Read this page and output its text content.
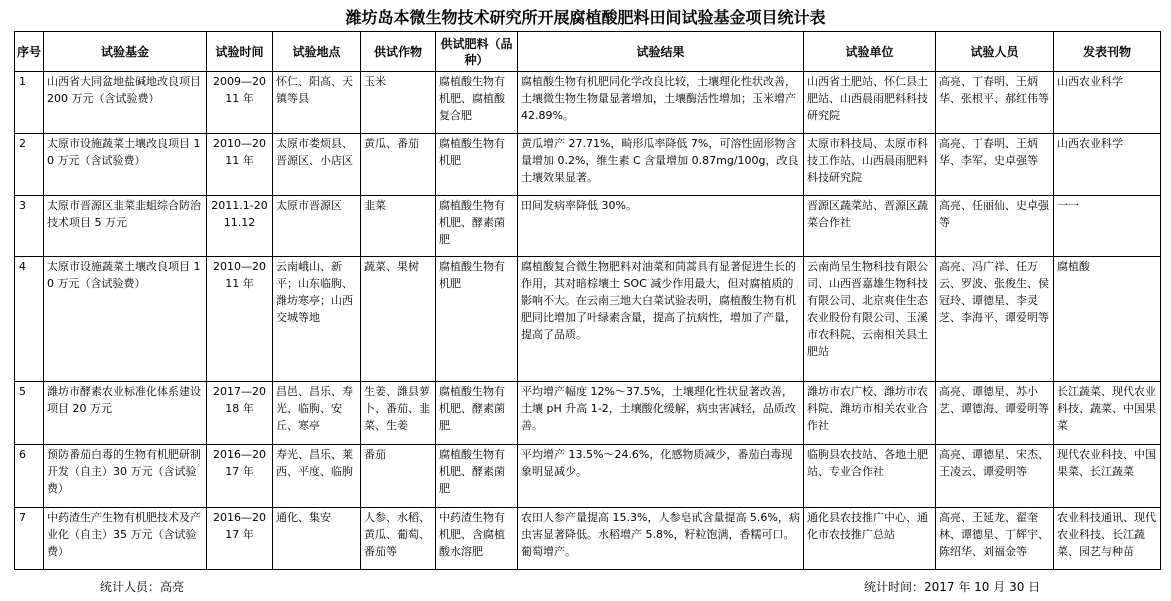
潍坊岛本微生物技术研究所开展腐植酸肥料田间试验基金项目统计表
序号	试验基金	试验时间	试验地点	供试作物	供试肥料（品种）	试验结果	试验单位	试验人员	发表刊物
1	山西省大同盆地盐碱地改良项目 200 万元（含试验费）	2009—2011 年	怀仁、阳高、天镇等县	玉米	腐植酸生物有机肥、腐植酸复合肥	腐植酸生物有机肥同化学改良比较，土壤理化性状改善，土壤微生物生物量显著增加，土壤酶活性增加；玉米增产 42.89%。	山西省土肥站、怀仁县土肥站、山西晨雨肥料科技研究院	高亮、丁春明、王炳华、张根平、郝红伟等	山西农业科学
2	太原市设施蔬菜土壤改良项目 10 万元（含试验费）	2010—2011 年	太原市娄烦县、晋源区、小店区	黄瓜、番茄	腐植酸生物有机肥	黄瓜增产 27.71%，畸形瓜率降低 7%，可溶性固形物含量增加 0.2%，维生素 C 含量增加 0.87mg/100g，改良土壤效果显著。	太原市科技局、太原市科技工作站、山西晨雨肥料科技研究院	高亮、丁春明、王炳华、李军、史卓强等	山西农业科学
3	太原市晋源区韭菜韭蛆综合防治技术项目 5 万元	2011.1-2011.12	太原市晋源区	韭菜	腐植酸生物有机肥、酵素菌肥	田间发病率降低 30%。	晋源区蔬菜站、晋源区蔬菜合作社	高亮、任丽仙、史卓强等	一一
4	太原市设施蔬菜土壤改良项目 10 万元（含试验费）	2010—2011 年	云南峨山、新平；山东临朐、潍坊寒亭；山西交城等地	蔬菜、果树	腐植酸生物有机肥	腐植酸复合微生物肥料对油菜和茼蒿具有显著促进生长的作用，其对暗棕壤土 SOC 减少作用最大，但对腐植质的影响不大。在云南三地大白菜试验表明，腐植酸生物有机肥同比增加了叶绿素含量，提高了抗病性，增加了产量，提高了品质。	云南尚呈生物科技有限公司、山西晋嘉雄生物科技有限公司、北京爽佳生态农业股份有限公司、玉溪市农科院、云南相关县土肥站	高亮、冯广祥、任万云、罗波、张俊生、侯冠玲、谭德星、李灵芝、李海平、谭爱明等	腐植酸
5	潍坊市酵素农业标准化体系建设项目 20 万元	2017—2018 年	昌邑、昌乐、寿光、临朐、安丘、寒亭	生姜、潍县萝卜、番茄、韭菜、生姜	腐植酸生物有机肥、酵素菌肥	平均增产幅度 12%～37.5%，土壤理化性状显著改善，土壤 pH 升高 1-2，土壤酸化缓解，病虫害减轻，品质改善。	潍坊市农广校、潍坊市农科院、潍坊市相关农业合作社	高亮、谭德星、苏小艺、谭德海、谭爱明等	长江蔬菜、现代农业科技、蔬菜、中国果菜
6	预防番茄白毒的生物有机肥研制开发（自主）30 万元（含试验费）	2016—2017 年	寿光、昌乐、莱西、平度、临朐	番茄	腐植酸生物有机肥、酵素菌肥	平均增产 13.5%～24.6%，化感物质减少，番茄白毒现象明显减少。	临朐县农技站、各地土肥站、专业合作社	高亮、谭德星、宋杰、王凌云、谭爱明等	现代农业科技、中国果菜、长江蔬菜
7	中药渣生产生物有机肥技术及产业化（自主）35 万元（含试验费）	2016—2017 年	通化、集安	人参、水稻、黄瓜、葡萄、番茄等	中药渣生物有机肥、含腐植酸水溶肥	农田人参产量提高 15.3%，人参皂甙含量提高 5.6%，病虫害显著降低。水稻增产 5.8%，籽粒饱满，香糯可口。葡萄增产。	通化县农技推广中心、通化市农技推广总站	高亮、王延龙、翟奎林、谭德星、丁辉宇、陈绍华、刘福金等	农业科技通讯、现代农业科技、长江蔬菜、园艺与种苗
统计人员：高亮	统计时间：2017 年 10 月 30 日
